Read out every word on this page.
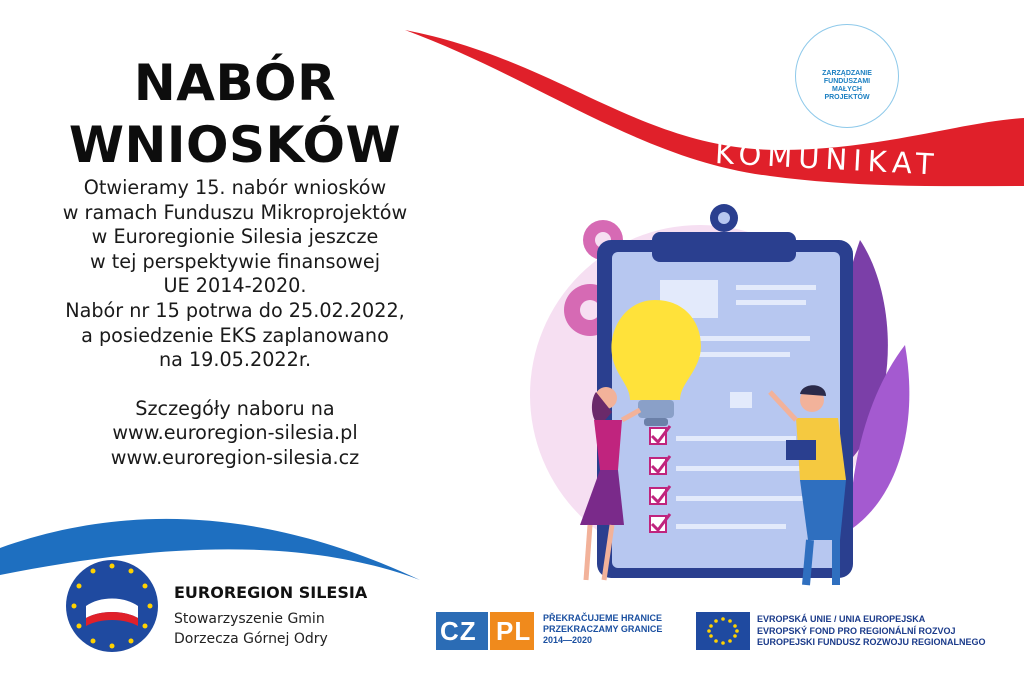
NABÓR
WNIOSKÓW
Otwieramy 15. nabór wniosków
w ramach Funduszu Mikroprojektów
w Euroregionie Silesia jeszcze
w tej perspektywie finansowej
UE 2014-2020.
Nabór nr 15 potrwa do 25.02.2022,
a posiedzenie EKS zaplanowano
na 19.05.2022r.
Szczegóły naboru na
www.euroregion-silesia.pl
www.euroregion-silesia.cz
KOMUNIKAT
ZARZĄDZANIE
FUNDUSZAMI
MAŁYCH
PROJEKTÓW
EUROREGION SILESIA
Stowarzyszenie Gmin
Dorzecza Górnej Odry	CZ PL PŘEKRAČUJEME HRANICE
PRZEKRACZAMY GRANICE
2014—2020
EVROPSKÁ UNIE / UNIA EUROPEJSKA
EVROPSKÝ FOND PRO REGIONÁLNÍ ROZVOJ
EUROPEJSKI FUNDUSZ ROZWOJU REGIONALNEGO
